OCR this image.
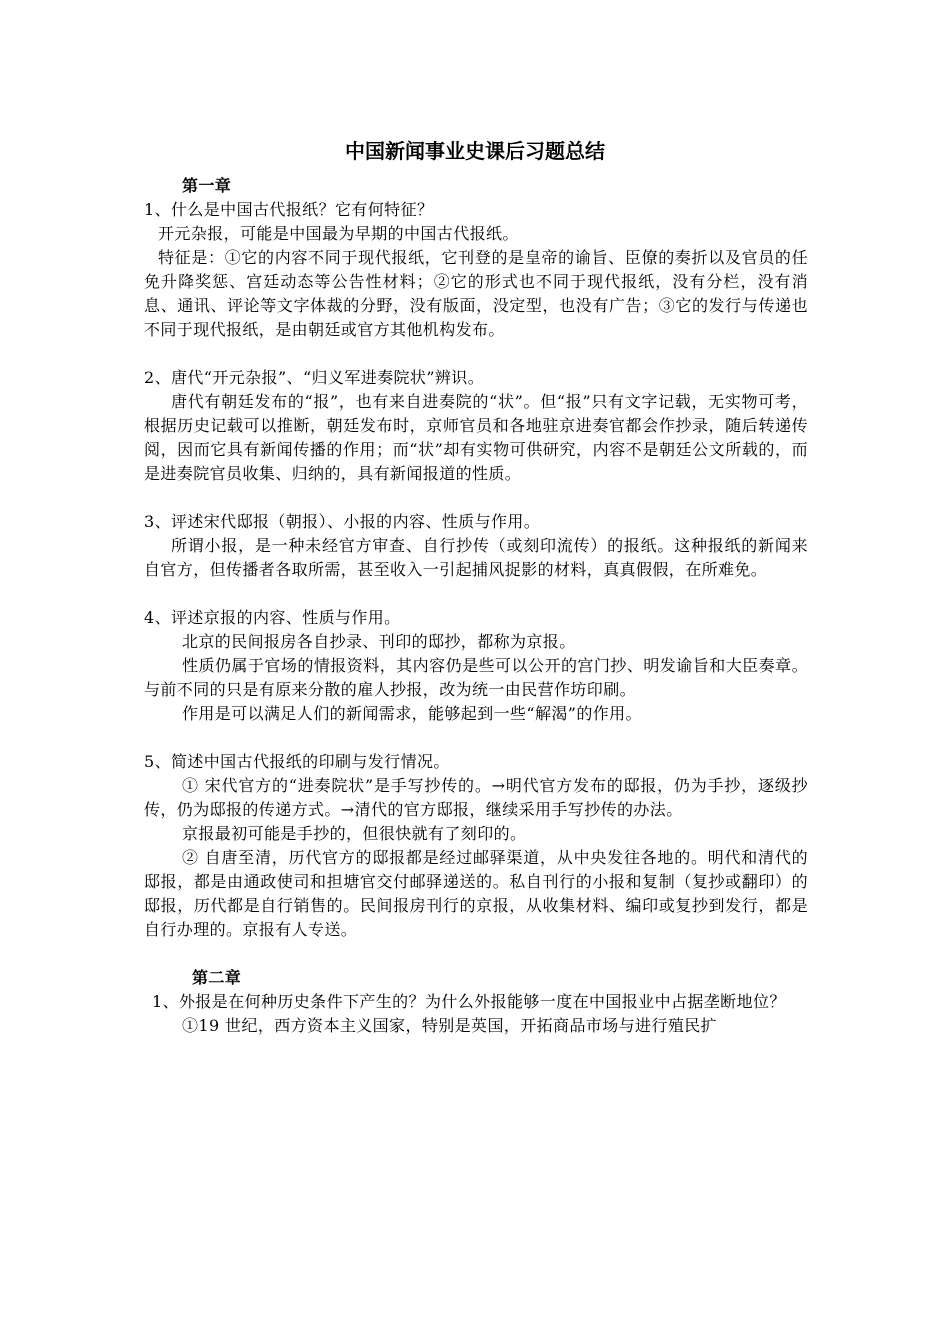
中国新闻事业史课后习题总结

第一章

1、什么是中国古代报纸？它有何特征？

开元杂报，可能是中国最为早期的中国古代报纸。

特征是：①它的内容不同于现代报纸，它刊登的是皇帝的谕旨、臣僚的奏折以及官员的任免升降奖惩、宫廷动态等公告性材料；②它的形式也不同于现代报纸，没有分栏，没有消息、通讯、评论等文字体裁的分野，没有版面，没定型，也没有广告；③它的发行与传递也不同于现代报纸，是由朝廷或官方其他机构发布。

2、唐代“开元杂报”、“归义军进奏院状”辨识。

唐代有朝廷发布的“报”，也有来自进奏院的“状”。但“报”只有文字记载，无实物可考，根据历史记载可以推断，朝廷发布时，京师官员和各地驻京进奏官都会作抄录，随后转递传阅，因而它具有新闻传播的作用；而“状”却有实物可供研究，内容不是朝廷公文所载的，而是进奏院官员收集、归纳的，具有新闻报道的性质。

3、评述宋代邸报（朝报）、小报的内容、性质与作用。

所谓小报，是一种未经官方审查、自行抄传（或刻印流传）的报纸。这种报纸的新闻来自官方，但传播者各取所需，甚至收入一引起捕风捉影的材料，真真假假，在所难免。

4、评述京报的内容、性质与作用。

北京的民间报房各自抄录、刊印的邸抄，都称为京报。

性质仍属于官场的情报资料，其内容仍是些可以公开的宫门抄、明发谕旨和大臣奏章。与前不同的只是有原来分散的雇人抄报，改为统一由民营作坊印刷。

作用是可以满足人们的新闻需求，能够起到一些“解渴”的作用。

5、简述中国古代报纸的印刷与发行情况。

① 宋代官方的“进奏院状”是手写抄传的。→明代官方发布的邸报，仍为手抄，逐级抄传，仍为邸报的传递方式。→清代的官方邸报，继续采用手写抄传的办法。

京报最初可能是手抄的，但很快就有了刻印的。

② 自唐至清，历代官方的邸报都是经过邮驿渠道，从中央发往各地的。明代和清代的邸报，都是由通政使司和担塘官交付邮驿递送的。私自刊行的小报和复制（复抄或翻印）的邸报，历代都是自行销售的。民间报房刊行的京报，从收集材料、编印或复抄到发行，都是自行办理的。京报有人专送。

第二章

1、外报是在何种历史条件下产生的？为什么外报能够一度在中国报业中占据垄断地位？

①19 世纪，西方资本主义国家，特别是英国，开拓商品市场与进行殖民扩
